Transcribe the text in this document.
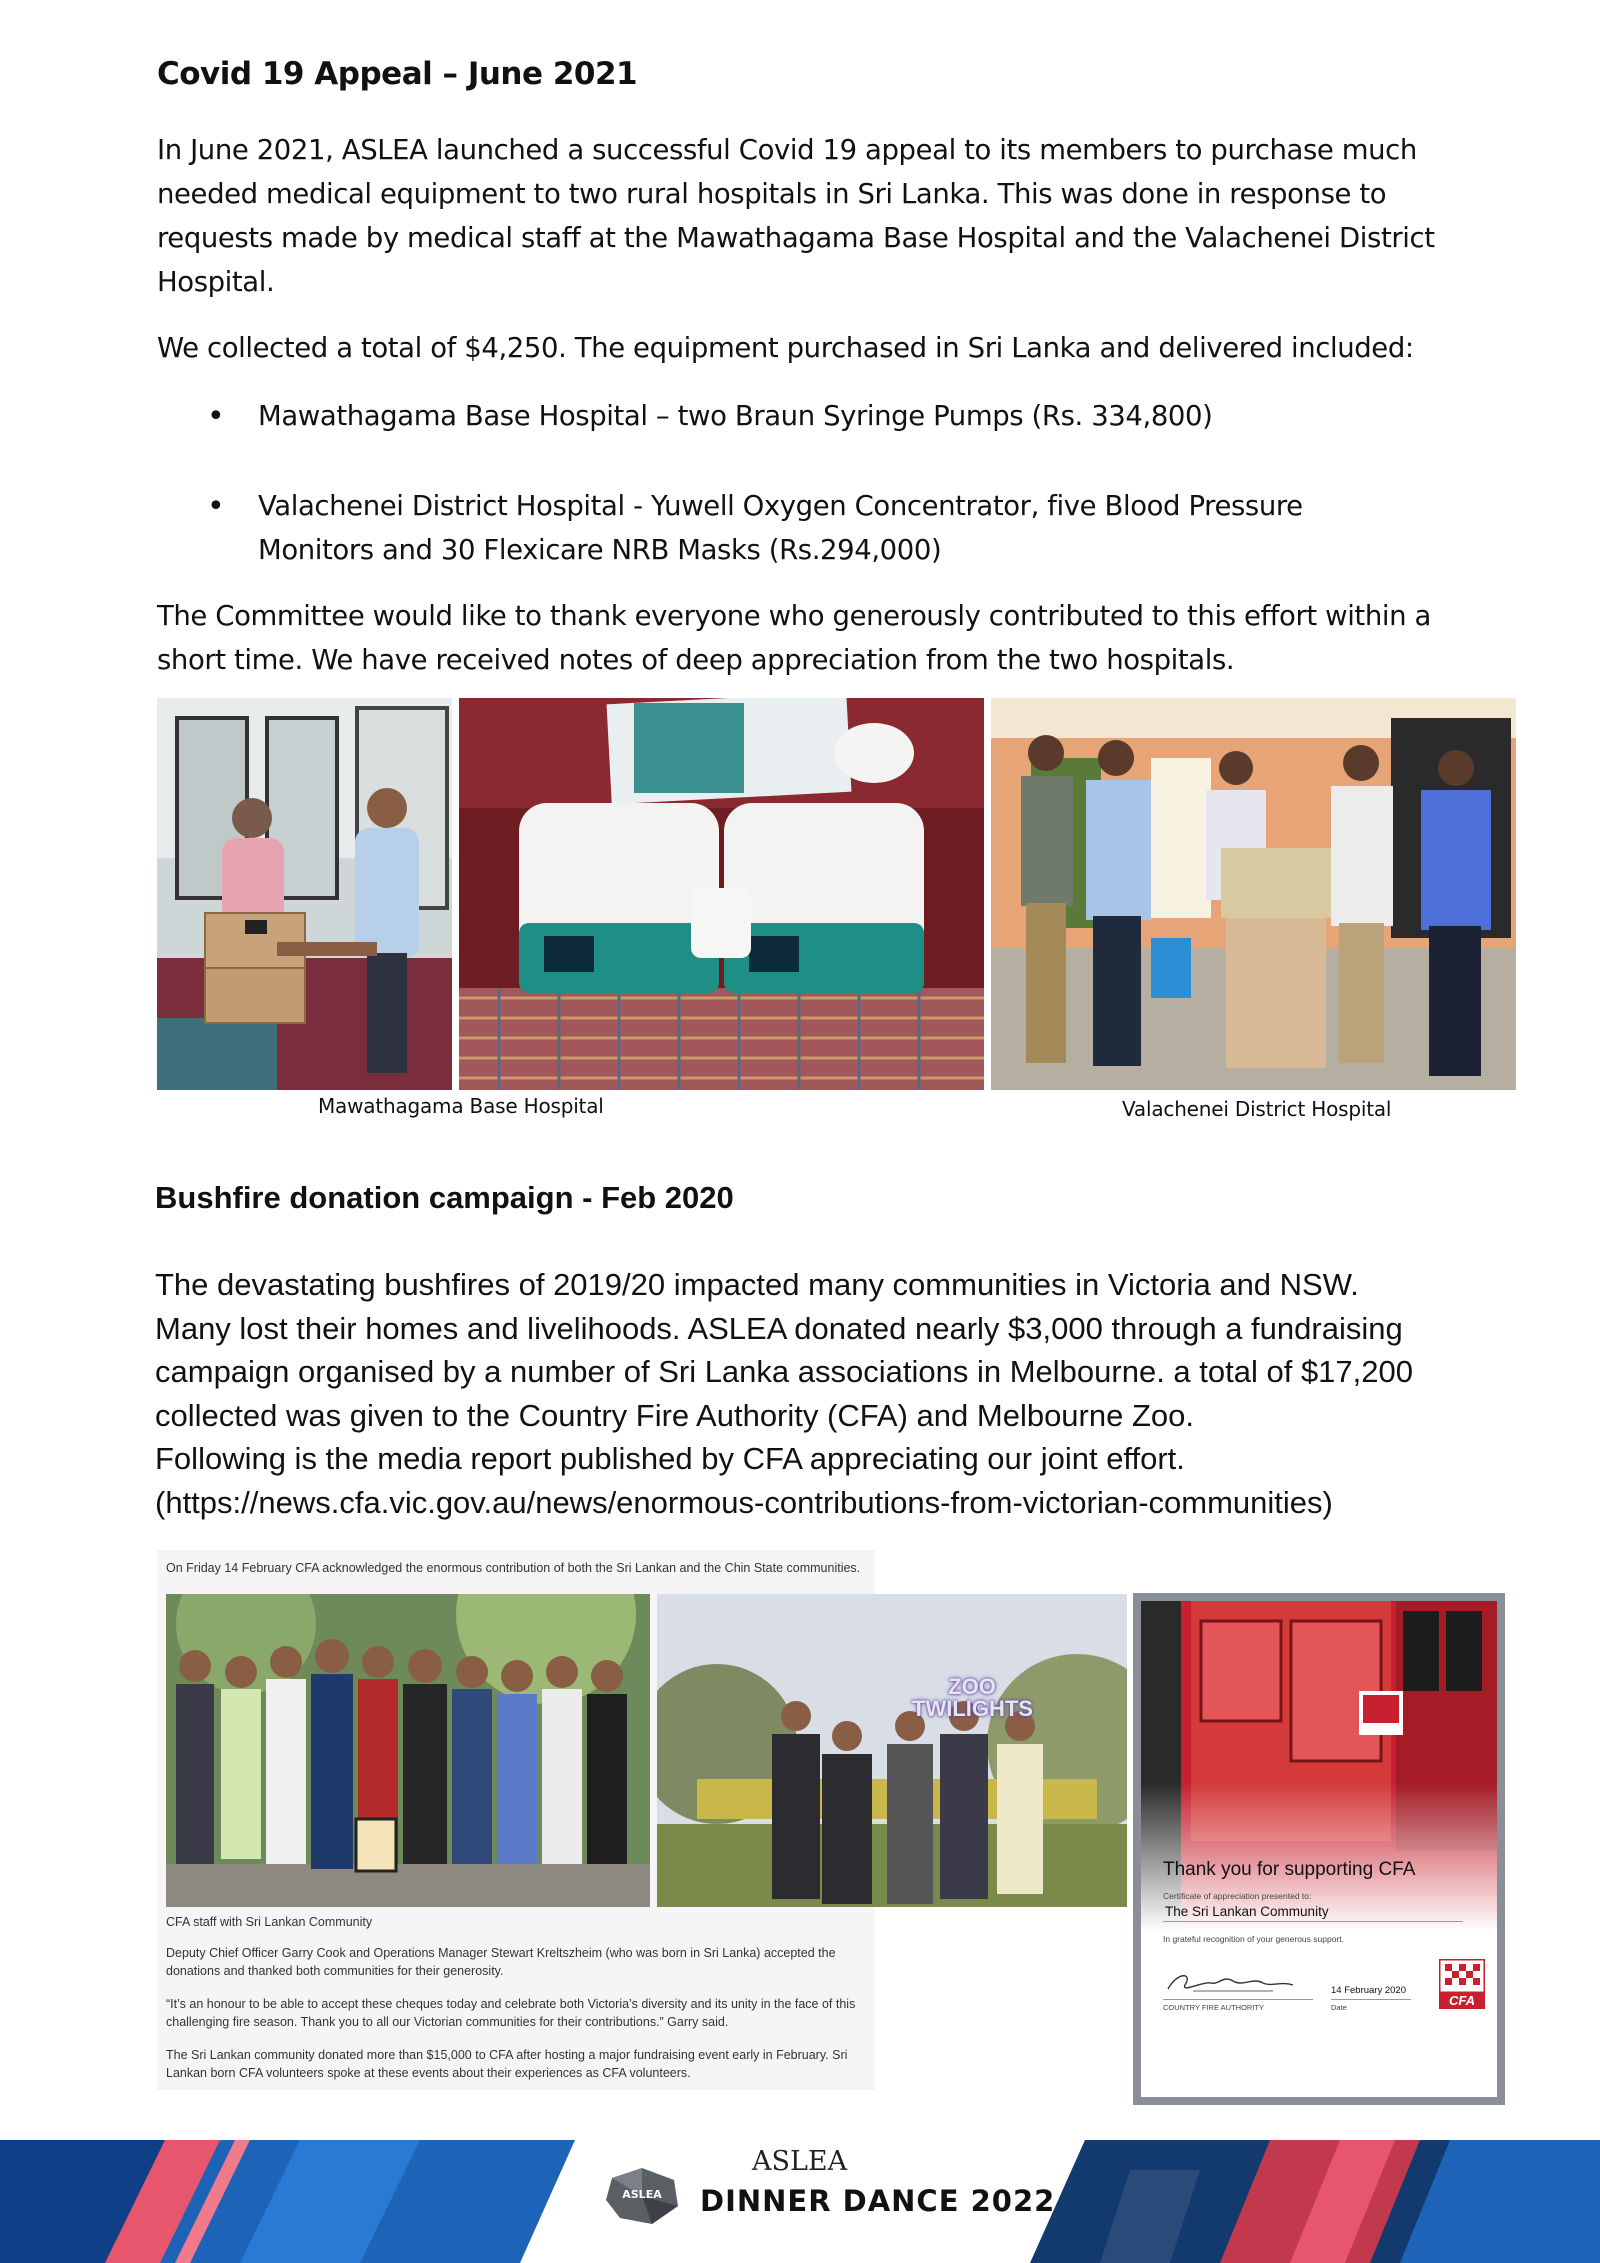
Covid 19 Appeal – June 2021

In June 2021, ASLEA launched a successful Covid 19 appeal to its members to purchase much needed medical equipment to two rural hospitals in Sri Lanka. This was done in response to requests made by medical staff at the Mawathagama Base Hospital and the Valachenei District Hospital.

We collected a total of $4,250. The equipment purchased in Sri Lanka and delivered included:

• Mawathagama Base Hospital – two Braun Syringe Pumps (Rs. 334,800)

• Valachenei District Hospital - Yuwell Oxygen Concentrator, five Blood Pressure Monitors and 30 Flexicare NRB Masks (Rs.294,000)

The Committee would like to thank everyone who generously contributed to this effort within a short time. We have received notes of deep appreciation from the two hospitals.

Mawathagama Base Hospital	Valachenei District Hospital
Bushfire donation campaign - Feb 2020
The devastating bushfires of 2019/20 impacted many communities in Victoria and NSW.
Many lost their homes and livelihoods. ASLEA donated nearly $3,000 through a fundraising
campaign organised by a number of Sri Lanka associations in Melbourne. a total of $17,200
collected was given to the Country Fire Authority (CFA) and Melbourne Zoo.
Following is the media report published by CFA appreciating our joint effort.
(https://news.cfa.vic.gov.au/news/enormous-contributions-from-victorian-communities)
On Friday 14 February CFA acknowledged the enormous contribution of both the Sri Lankan and the Chin State communities.
ZOO TWILIGHTS
CFA staff with Sri Lankan Community
Deputy Chief Officer Garry Cook and Operations Manager Stewart Kreltszheim (who was born in Sri Lanka) accepted the donations and thanked both communities for their generosity.
“It’s an honour to be able to accept these cheques today and celebrate both Victoria’s diversity and its unity in the face of this challenging fire season. Thank you to all our Victorian communities for their contributions.” Garry said.
The Sri Lankan community donated more than $15,000 to CFA after hosting a major fundraising event early in February. Sri Lankan born CFA volunteers spoke at these events about their experiences as CFA volunteers.
Thank you for supporting CFA
Certificate of appreciation presented to:
The Sri Lankan Community
In grateful recognition of your generous support.
COUNTRY FIRE AUTHORITY
14 February 2020
Date	CFA
ASLEA
ASLEA
DINNER DANCE 2022
